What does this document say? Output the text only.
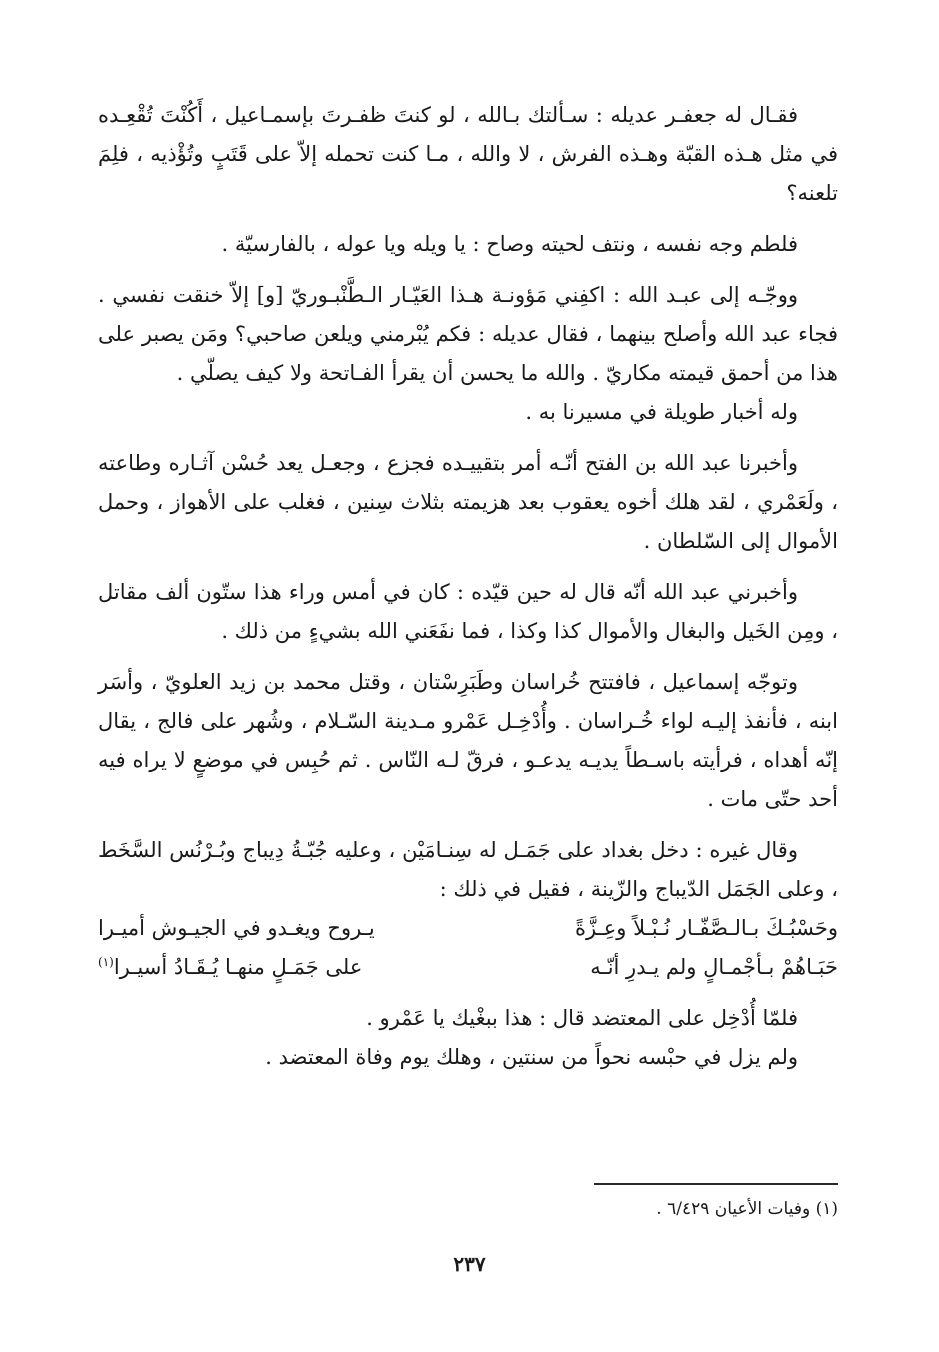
فقـال له جعفـر عديله : سـألتك بـالله ، لو كنتَ ظفـرتَ بإسمـاعيل ، أَكُنْتَ تُقْعِـده في مثل هـذه القبّة وهـذه الفرش ، لا والله ، مـا كنت تحمله إلاّ على قَتَبٍ وتُؤْذيه ، فلِمَ تلعنه؟

فلطم وجه نفسه ، ونتف لحيته وصاح : يا ويله ويا عوله ، بالفارسيّة .

ووجّـه إلى عبـد الله : اكفِني مَؤونـة هـذا العَيّـار الـطَّنْبـوريّ [و] إلاّ خنقت نفسي . فجاء عبد الله وأصلح بينهما ، فقال عديله : فكم يُبْرمني ويلعن صاحبي؟ ومَن يصبر على هذا من أحمق قيمته مكاريّ . والله ما يحسن أن يقرأ الفـاتحة ولا كيف يصلّي .

وله أخبار طويلة في مسيرنا به .

وأخبرنا عبد الله بن الفتح أنّـه أمر بتقييـده فجزع ، وجعـل يعد حُسْن آثـاره وطاعته ، ولَعَمْري ، لقد هلك أخوه يعقوب بعد هزيمته بثلاث سِنين ، فغلب على الأهواز ، وحمل الأموال إلى السّلطان .

وأخبرني عبد الله أنّه قال له حين قيّده : كان في أمس وراء هذا ستّون ألف مقاتل ، ومِن الخَيل والبغال والأموال كذا وكذا ، فما نفَعَني الله بشيءٍ من ذلك .

وتوجّه إسماعيل ، فافتتح خُراسان وطَبَرِسْتان ، وقتل محمد بن زيد العلويّ ، وأسَر ابنه ، فأنفذ إليـه لواء خُـراسان . وأُدْخِـل عَمْرو مـدينة السّـلام ، وشُهر على فالج ، يقال إنّه أهداه ، فرأيته باسـطاً يديـه يدعـو ، فرقّ لـه النّاس . ثم حُبِس في موضعٍ لا يراه فيه أحد حتّى مات .

وقال غيره : دخل بغداد على جَمَـل له سِنـامَيْن ، وعليه جُبّـةُ دِيباج وبُـرْنُس السَّخَط ، وعلى الجَمَل الدّيباج والزّينة ، فقيل في ذلك :

وحَسْبُـكَ بـالـصَّفّـار نُـبْـلاً وعِـزَّةً
يـروح ويغـدو في الجيـوش أميـرا
حَبَـاهُمْ بـأجْمـالٍ ولم يـدرِ أنّـه
على جَمَـلٍ منهـا يُـقَـادُ أسيـرا$^{(١)}$

فلمّا أُدْخِل على المعتضد قال : هذا ببغْيك يا عَمْرو .

ولم يزل في حبْسه نحواً من سنتين ، وهلك يوم وفاة المعتضد .

(١) وفيات الأعيان ٦/٤٢٩ .
٢٣٧
